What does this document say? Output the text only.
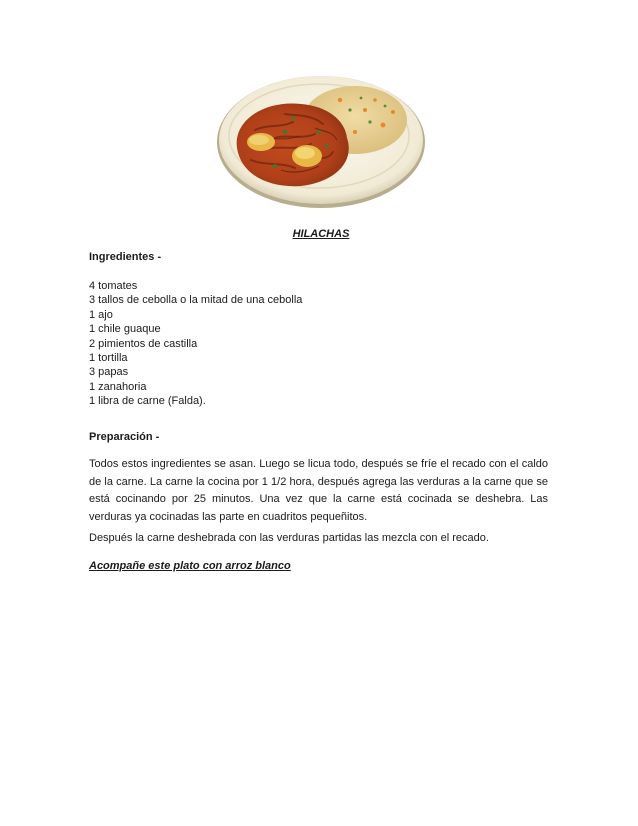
HILACHAS
Ingredientes -
4 tomates
3 tallos de cebolla o la mitad de una cebolla
1 ajo
1 chile guaque
2 pimientos de castilla
1 tortilla
3 papas
1 zanahoria
1 libra de carne (Falda).
Preparación -

Todos estos ingredientes se asan. Luego se licua todo, después se fríe el recado con el caldo de la carne. La carne la cocina por 1 1/2 hora, después agrega las verduras a la carne que se está cocinando por 25 minutos. Una vez que la carne está cocinada se deshebra. Las verduras ya cocinadas las parte en cuadritos pequeñitos.

Después la carne deshebrada con las verduras partidas las mezcla con el recado.

Acompañe este plato con arroz blanco
